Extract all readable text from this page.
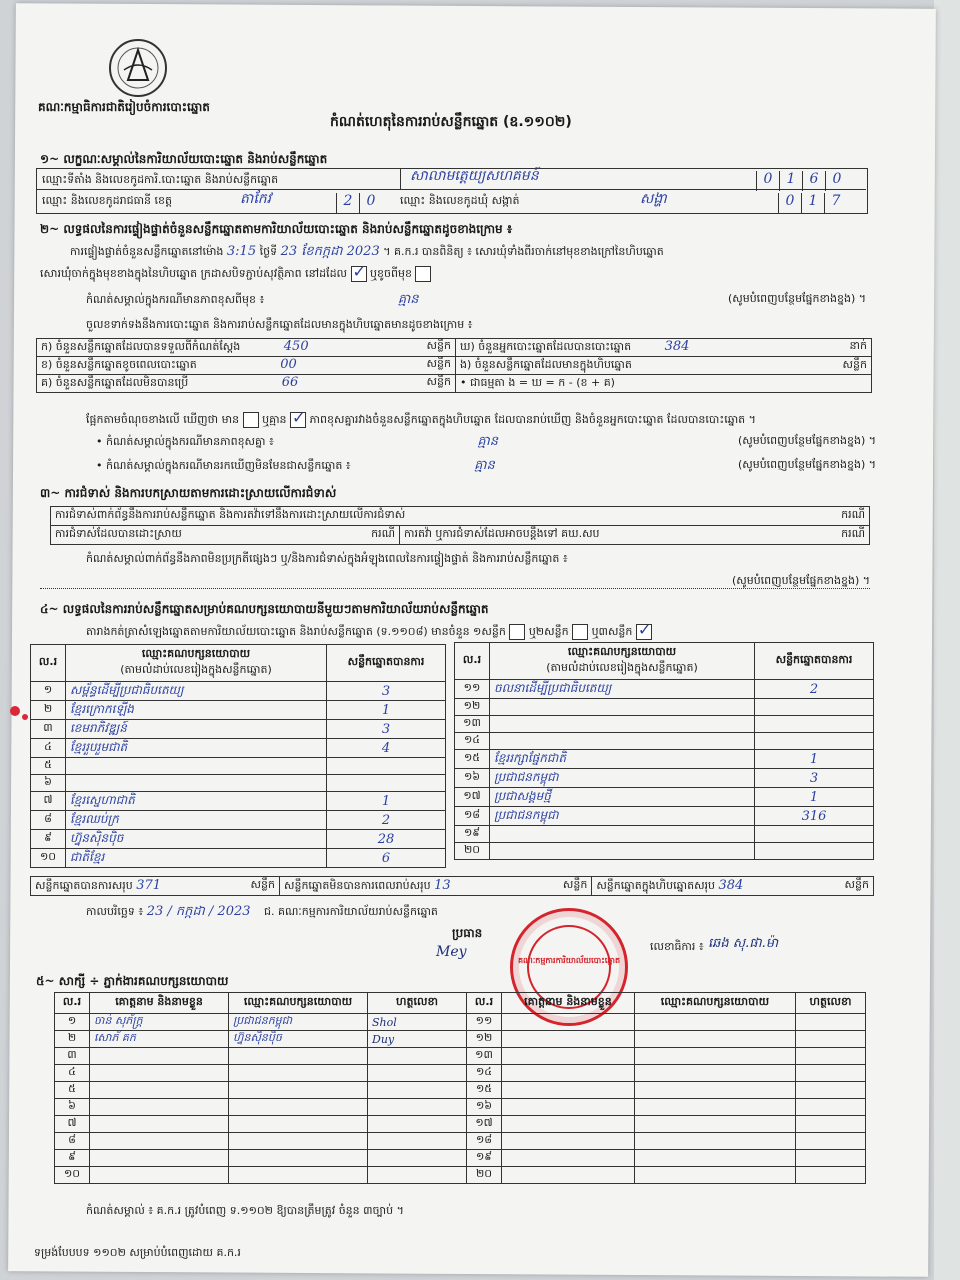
គណៈកម្មាធិការជាតិរៀបចំការបោះឆ្នោត
កំណត់ហេតុនៃការរាប់សន្លឹកឆ្នោត (ឧ.១១០២)
១~ លក្ខណៈសម្គាល់នៃការិយាល័យបោះឆ្នោត និងរាប់សន្លឹកឆ្នោត
ឈ្មោះទីតាំង និងលេខកូដការិ.បោះឆ្នោត និងរាប់សន្លឹកឆ្នោត	សាលាមត្តេយ្យសហគមន៍	0 1 6 0
ឈ្មោះ និងលេខកូដរាជធានី ខេត្ត	តាកែវ	2 0	ឈ្មោះ និងលេខកូដឃុំ សង្កាត់	សង្ហា	0 1 7
២~ លទ្ធផលនៃការផ្ទៀងផ្ទាត់ចំនួនសន្លឹកឆ្នោតតាមការិយាល័យបោះឆ្នោត និងរាប់សន្លឹកឆ្នោតដូចខាងក្រោម ៖
ការផ្ទៀងផ្ទាត់ចំនួនសន្លឹកឆ្នោតនៅម៉ោង 3:15 ថ្ងៃទី 23 ខែកក្កដា 2023 ។ គ.ក.រ បានពិនិត្យ ៖ សោរឃុំទាំងពីរចាក់នៅមុខខាងក្រៅនៃហិបឆ្នោត
សោរឃុំចាក់ក្នុងមុខខាងក្នុងនៃហិបឆ្នោត ក្រដាសបិទភ្ជាប់សុវត្ថិភាព នៅដដែល ✓ ឬខូចពីមុខ
កំណត់សម្គាល់ក្នុងករណីមានភាពខុសពីមុខ ៖	គ្មាន	(សូមបំពេញបន្ថែមផ្នែកខាងខ្នង) ។
ចួលខទាក់ទងនឹងការបោះឆ្នោត និងការរាប់សន្លឹកឆ្នោតដែលមានក្នុងហិបឆ្នោតមានដូចខាងក្រោម ៖
ក) ចំនួនសន្លឹកឆ្នោតដែលបានទទួលពីកំណត់ស្តែង 450 សន្លឹក	ឃ) ចំនួនអ្នកបោះឆ្នោតដែលបានបោះឆ្នោត 384 នាក់

ខ) ចំនួនសន្លឹកឆ្នោតខូចពេលបោះឆ្នោត 00 សន្លឹក	ង) ចំនួនសន្លឹកឆ្នោតដែលមានក្នុងហិបឆ្នោត សន្លឹក

គ) ចំនួនសន្លឹកឆ្នោតដែលមិនបានប្រើ 66 សន្លឹក	• ជាធម្មតា ង = ឃ = ក - (ខ + គ)
ផ្អែកតាមចំណុចខាងលើ ឃើញថា មាន ឬគ្មាន ✓ ភាពខុសគ្នារវាងចំនួនសន្លឹកឆ្នោតក្នុងហិបឆ្នោត ដែលបានរាប់ឃើញ និងចំនួនអ្នកបោះឆ្នោត ដែលបានបោះឆ្នោត ។
• កំណត់សម្គាល់ក្នុងករណីមានភាពខុសគ្នា ៖	គ្មាន	(សូមបំពេញបន្ថែមផ្នែកខាងខ្នង) ។
• កំណត់សម្គាល់ក្នុងករណីមានរកឃើញមិនមែនជាសន្លឹកឆ្នោត ៖	គ្មាន	(សូមបំពេញបន្ថែមផ្នែកខាងខ្នង) ។
៣~ ការជំទាស់ និងការបកស្រាយតាមការដោះស្រាយលើការជំទាស់
ការជំទាស់ពាក់ព័ន្ធនឹងការរាប់សន្លឹកឆ្នោត និងការតវ៉ាទៅនឹងការដោះស្រាយលើការជំទាស់	ករណី

ការជំទាស់ដែលបានដោះស្រាយ	ករណី	ការតវ៉ា ឬការជំទាស់ដែលអាចបន្តឹងទៅ គឃ.សប	ករណី
កំណត់សម្គាល់ពាក់ព័ន្ធនឹងភាពមិនប្រក្រតីផ្សេងៗ ឬ/និងការជំទាស់ក្នុងអំឡុងពេលនៃការផ្ទៀងផ្ទាត់ និងការរាប់សន្លឹកឆ្នោត ៖
(សូមបំពេញបន្ថែមផ្នែកខាងខ្នង) ។
៤~ លទ្ធផលនៃការរាប់សន្លឹកឆ្នោតសម្រាប់គណបក្សនយោបាយនីមួយៗតាមការិយាល័យរាប់សន្លឹកឆ្នោត
តារាងកត់ត្រាសំឡេងឆ្នោតតាមការិយាល័យបោះឆ្នោត និងរាប់សន្លឹកឆ្នោត (ទ.១១០៨) មានចំនួន ១សន្លឹក ឬ២សន្លឹក ឬ៣សន្លឹក ✓
ល.រ	ឈ្មោះគណបក្សនយោបាយ
(តាមលំដាប់លេខរៀងក្នុងសន្លឹកឆ្នោត)	សន្លឹកឆ្នោតបានការ
១	សម្ព័ន្ធដើម្បីប្រជាធិបតេយ្យ	3
២	ខ្មែរក្រោកឡើង	1
៣	ខេមរាភិវឌ្ឍន៍	3
៤	ខ្មែររួបរួមជាតិ	4
៥		
៦		
៧	ខ្មែរស្នេហាជាតិ	1
៨	ខ្មែរឈប់ក្រ	2
៩	ហ្វ៊ុនស៊ិនប៉ិច	28
១០	ជាតិខ្មែរ	6
ល.រ	ឈ្មោះគណបក្សនយោបាយ
(តាមលំដាប់លេខរៀងក្នុងសន្លឹកឆ្នោត)	សន្លឹកឆ្នោតបានការ
១១	ចលនាដើម្បីប្រជាធិបតេយ្យ	2
១២		
១៣		
១៤		
១៥	ខ្មែររក្សាផ្នែកជាតិ	1
១៦	ប្រជាជនកម្ពុជា	3
១៧	ប្រជាសង្គមថ្មី	1
១៨	ប្រជាជនកម្ពុជា	316
១៩		
២០		
សន្លឹកឆ្នោតបានការសរុប 371	សន្លឹក	សន្លឹកឆ្នោតមិនបានការពេលរាប់សរុប 13	សន្លឹក	សន្លឹកឆ្នោតក្នុងហិបឆ្នោតសរុប 384	សន្លឹក
កាលបរិច្ឆេទ ៖ 23 / កក្កដា / 2023 ជ. គណៈកម្មការការិយាល័យរាប់សន្លឹកឆ្នោត
ប្រធាន
Mey	លេខាធិការ ៖ ឆេង សុ.ផា.ម៉ា
គណៈកម្មការការិយាល័យបោះឆ្នោត
៥~ សាក្សី ÷ ភ្នាក់ងារគណបក្សនយោបាយ
ល.រ	គោត្តនាម និងនាមខ្លួន	ឈ្មោះគណបក្សនយោបាយ	ហត្ថលេខា	ល.រ	គោត្តនាម និងនាមខ្លួន	ឈ្មោះគណបក្សនយោបាយ	ហត្ថលេខា
១	ចាន់ សុភ័ក្ត្រ	ប្រជាជនកម្ពុជា	Shol	១១			
២	សោភ័ គក	ហ្វ៊ុនស៊ិនប៉ិច	Duy	១២			
៣				១៣			
៤				១៤			
៥				១៥			
៦				១៦			
៧				១៧			
៨				១៨			
៩				១៩			
១០				២០			
កំណត់សម្គាល់ ៖ គ.ក.រ ត្រូវបំពេញ ទ.១១០២ ឱ្យបានត្រឹមត្រូវ ចំនួន ៣ច្បាប់ ។
ទម្រង់បែបបទ ១១០២ សម្រាប់បំពេញដោយ គ.ក.រ
